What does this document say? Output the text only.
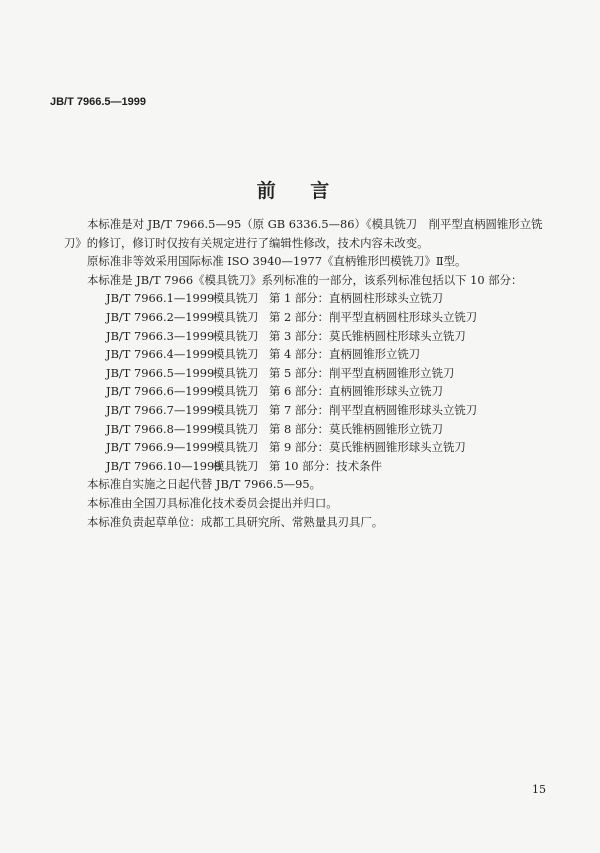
JB/T 7966.5—1999
前 言

本标准是对 JB/T 7966.5—95（原 GB 6336.5—86）《模具铣刀　削平型直柄圆锥形立铣刀》的修订，修订时仅按有关规定进行了编辑性修改，技术内容未改变。

原标准非等效采用国际标准 ISO 3940—1977《直柄锥形凹模铣刀》Ⅱ型。

本标准是 JB/T 7966《模具铣刀》系列标准的一部分，该系列标准包括以下 10 部分：

JB/T 7966.1—1999模具铣刀 第 1 部分：直柄圆柱形球头立铣刀
JB/T 7966.2—1999模具铣刀 第 2 部分：削平型直柄圆柱形球头立铣刀
JB/T 7966.3—1999模具铣刀 第 3 部分：莫氏锥柄圆柱形球头立铣刀
JB/T 7966.4—1999模具铣刀 第 4 部分：直柄圆锥形立铣刀
JB/T 7966.5—1999模具铣刀 第 5 部分：削平型直柄圆锥形立铣刀
JB/T 7966.6—1999模具铣刀 第 6 部分：直柄圆锥形球头立铣刀
JB/T 7966.7—1999模具铣刀 第 7 部分：削平型直柄圆锥形球头立铣刀
JB/T 7966.8—1999模具铣刀 第 8 部分：莫氏锥柄圆锥形立铣刀
JB/T 7966.9—1999模具铣刀 第 9 部分：莫氏锥柄圆锥形球头立铣刀
JB/T 7966.10—1999模具铣刀 第 10 部分：技术条件

本标准自实施之日起代替 JB/T 7966.5—95。

本标准由全国刀具标准化技术委员会提出并归口。

本标准负责起草单位：成都工具研究所、常熟量具刃具厂。

15
